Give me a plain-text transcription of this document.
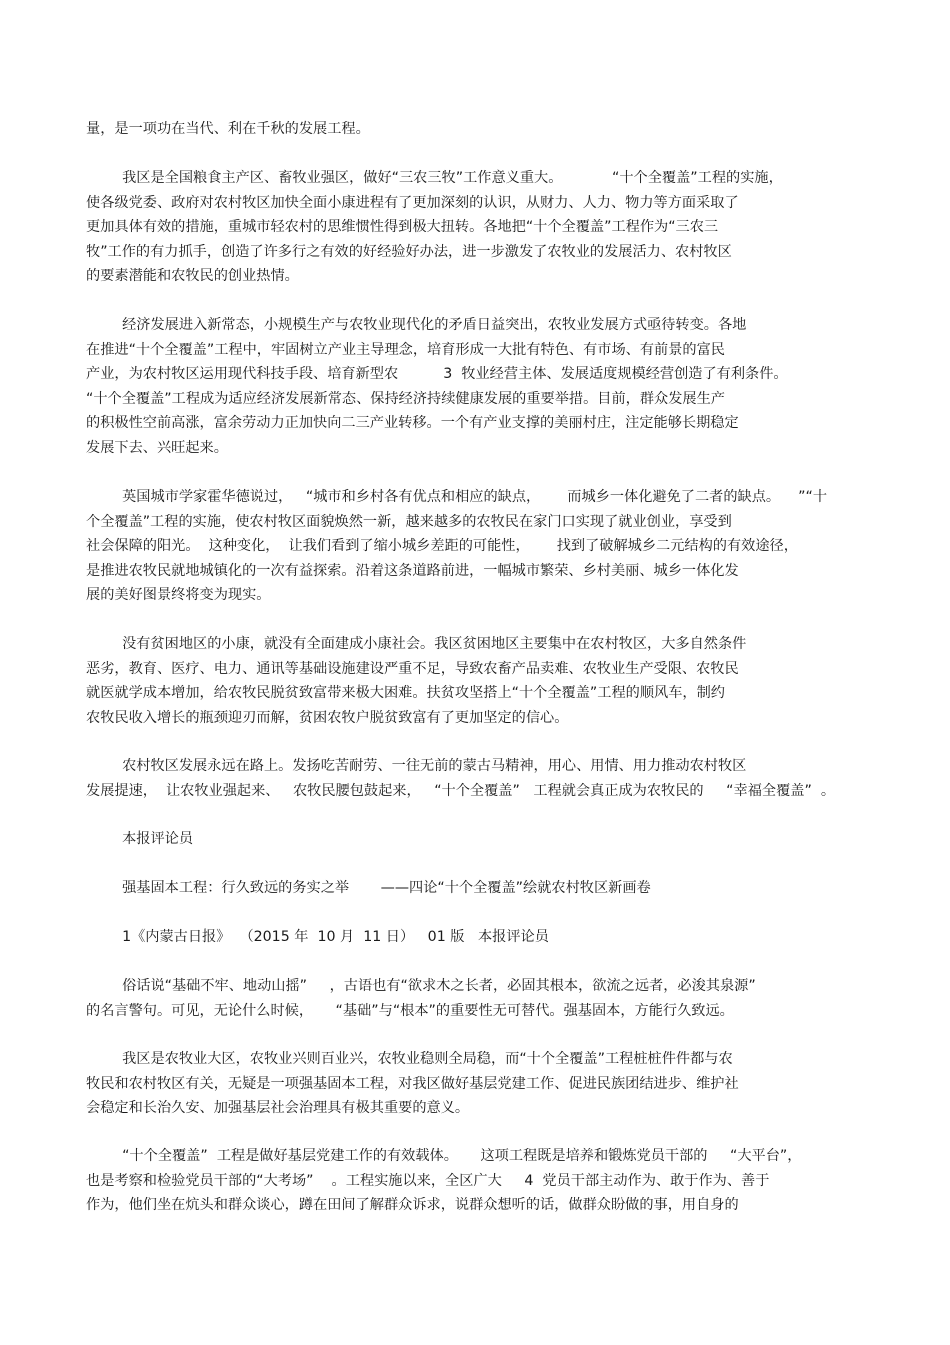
量，是一项功在当代、利在千秋的发展工程。
我区是全国粮食主产区、畜牧业强区，做好“三农三牧”工作意义重大。           “十个全覆盖”工程的实施，
使各级党委、政府对农村牧区加快全面小康进程有了更加深刻的认识，从财力、人力、物力等方面采取了
更加具体有效的措施，重城市轻农村的思维惯性得到极大扭转。各地把“十个全覆盖”工程作为“三农三
牧”工作的有力抓手，创造了许多行之有效的好经验好办法，进一步激发了农牧业的发展活力、农村牧区
的要素潜能和农牧民的创业热情。
经济发展进入新常态，小规模生产与农牧业现代化的矛盾日益突出，农牧业发展方式亟待转变。各地
在推进“十个全覆盖”工程中，牢固树立产业主导理念，培育形成一大批有特色、有市场、有前景的富民
产业，为农村牧区运用现代科技手段、培育新型农          3  牧业经营主体、发展适度规模经营创造了有利条件。
“十个全覆盖”工程成为适应经济发展新常态、保持经济持续健康发展的重要举措。目前，群众发展生产
的积极性空前高涨，富余劳动力正加快向二三产业转移。一个有产业支撑的美丽村庄，注定能够长期稳定
发展下去、兴旺起来。
英国城市学家霍华德说过，   “城市和乡村各有优点和相应的缺点，      而城乡一体化避免了二者的缺点。    ”“十
个全覆盖”工程的实施，使农村牧区面貌焕然一新，越来越多的农牧民在家门口实现了就业创业，享受到
社会保障的阳光。  这种变化，  让我们看到了缩小城乡差距的可能性，      找到了破解城乡二元结构的有效途径，
是推进农牧民就地城镇化的一次有益探索。沿着这条道路前进，一幅城市繁荣、乡村美丽、城乡一体化发
展的美好图景终将变为现实。
没有贫困地区的小康，就没有全面建成小康社会。我区贫困地区主要集中在农村牧区，大多自然条件
恶劣，教育、医疗、电力、通讯等基础设施建设严重不足，导致农畜产品卖难、农牧业生产受限、农牧民
就医就学成本增加，给农牧民脱贫致富带来极大困难。扶贫攻坚搭上“十个全覆盖”工程的顺风车，制约
农牧民收入增长的瓶颈迎刃而解，贫困农牧户脱贫致富有了更加坚定的信心。
农村牧区发展永远在路上。发扬吃苦耐劳、一往无前的蒙古马精神，用心、用情、用力推动农村牧区
发展提速，  让农牧业强起来、   农牧民腰包鼓起来，   “十个全覆盖”   工程就会真正成为农牧民的     “幸福全覆盖”  。
本报评论员
强基固本工程：行久致远的务实之举       ——四论“十个全覆盖”绘就农村牧区新画卷
1《内蒙古日报》  （2015 年  10 月  11 日）   01 版   本报评论员
俗话说“基础不牢、地动山摇”     ，古语也有“欲求木之长者，必固其根本，欲流之远者，必浚其泉源”
的名言警句。可见，无论什么时候，     “基础”与“根本”的重要性无可替代。强基固本，方能行久致远。
我区是农牧业大区，农牧业兴则百业兴，农牧业稳则全局稳，而“十个全覆盖”工程桩桩件件都与农
牧民和农村牧区有关，无疑是一项强基固本工程，对我区做好基层党建工作、促进民族团结进步、维护社
会稳定和长治久安、加强基层社会治理具有极其重要的意义。
“十个全覆盖”  工程是做好基层党建工作的有效载体。     这项工程既是培养和锻炼党员干部的     “大平台”，
也是考察和检验党员干部的“大考场”    。工程实施以来，全区广大     4  党员干部主动作为、敢于作为、善于
作为，他们坐在炕头和群众谈心，蹲在田间了解群众诉求，说群众想听的话，做群众盼做的事，用自身的
